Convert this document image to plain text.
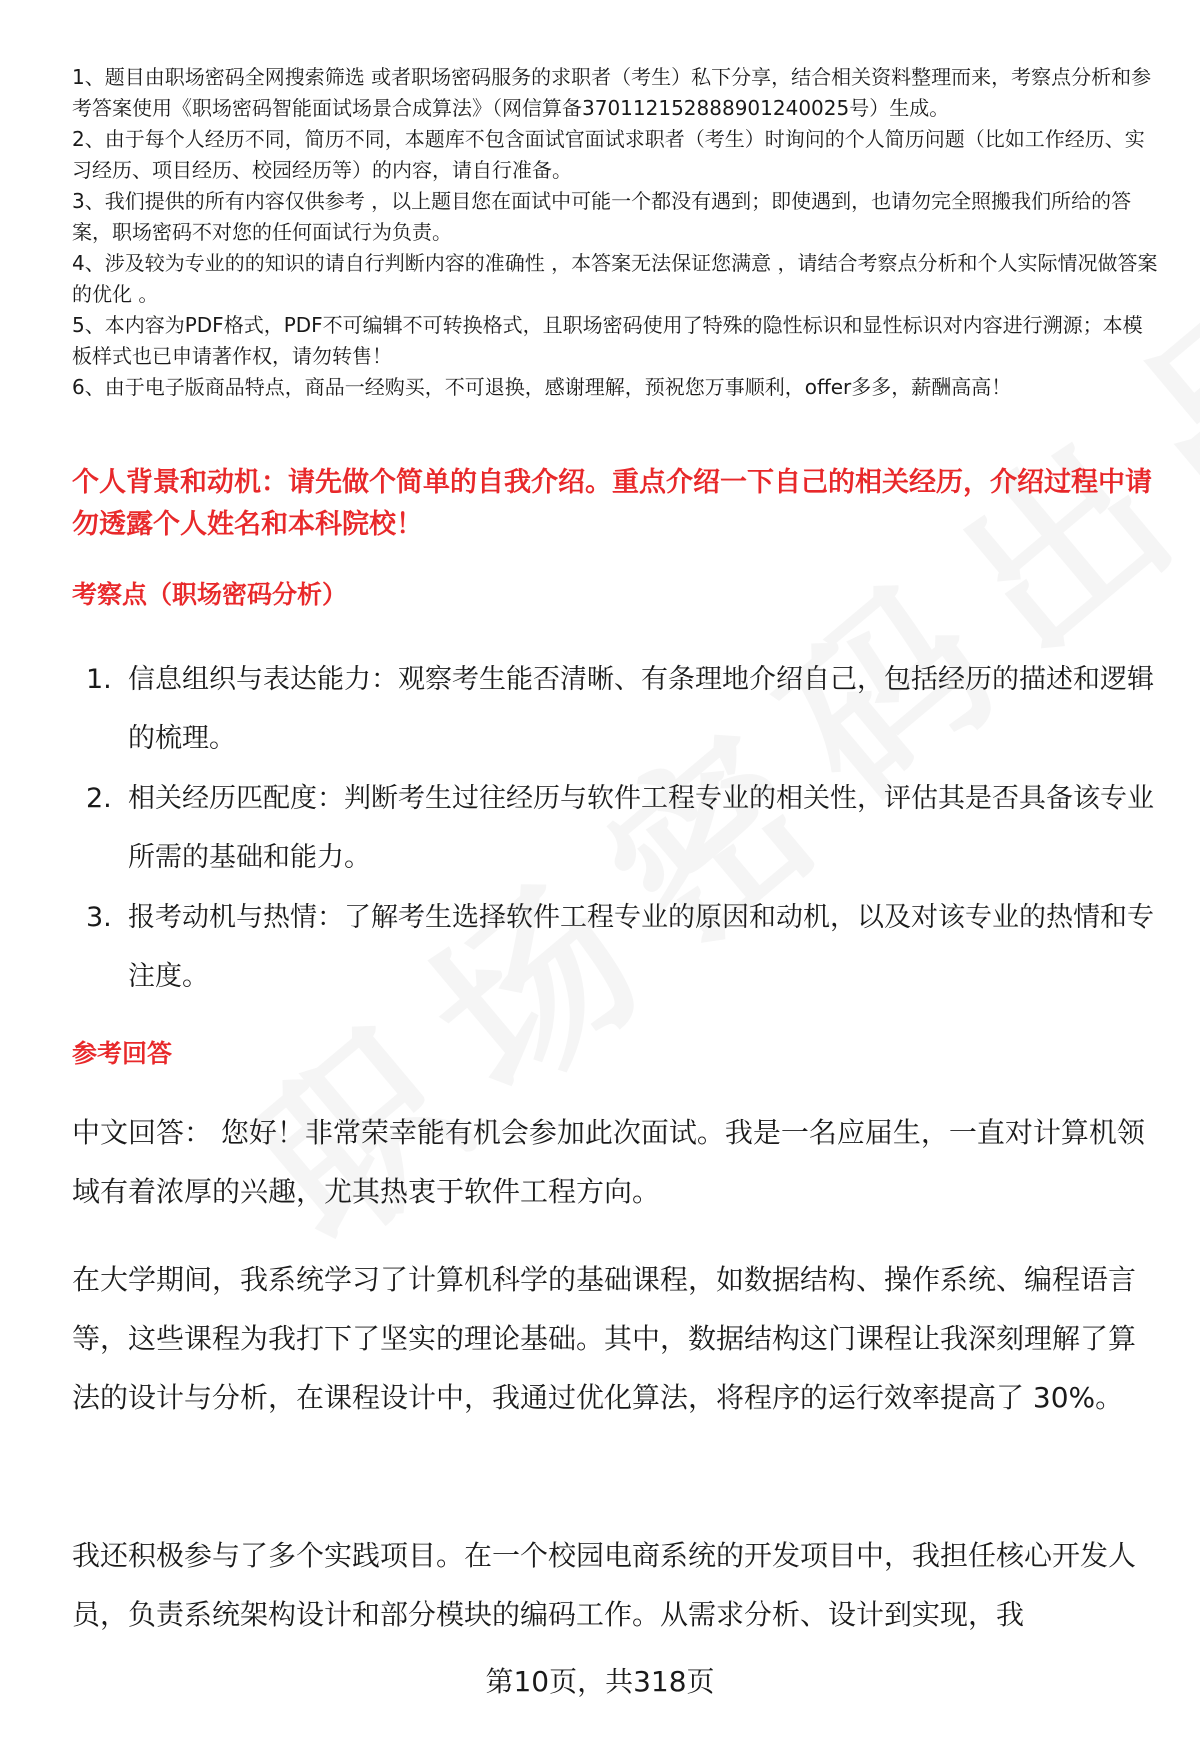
1、题目由职场密码全网搜索筛选 或者职场密码服务的求职者（考生）私下分享，结合相关资料整理而来，考察点分析和参考答案使用《职场密码智能面试场景合成算法》（网信算备370112152888901240025号）生成。

2、由于每个人经历不同，简历不同，本题库不包含面试官面试求职者（考生）时询问的个人简历问题（比如工作经历、实习经历、项目经历、校园经历等）的内容，请自行准备。

3、我们提供的所有内容仅供参考 ，以上题目您在面试中可能一个都没有遇到；即使遇到，也请勿完全照搬我们所给的答案，职场密码不对您的任何面试行为负责。

4、涉及较为专业的的知识的请自行判断内容的准确性 ，本答案无法保证您满意 ，请结合考察点分析和个人实际情况做答案的优化 。

5、本内容为PDF格式，PDF不可编辑不可转换格式，且职场密码使用了特殊的隐性标识和显性标识对内容进行溯源；本模板样式也已申请著作权，请勿转售！

6、由于电子版商品特点，商品一经购买，不可退换，感谢理解，预祝您万事顺利，offer多多，薪酬高高！

个人背景和动机：请先做个简单的自我介绍。重点介绍一下自己的相关经历，介绍过程中请勿透露个人姓名和本科院校！
考察点（职场密码分析）
1. 信息组织与表达能力：观察考生能否清晰、有条理地介绍自己，包括经历的描述和逻辑的梳理。
2. 相关经历匹配度：判断考生过往经历与软件工程专业的相关性，评估其是否具备该专业所需的基础和能力。
3. 报考动机与热情：了解考生选择软件工程专业的原因和动机，以及对该专业的热情和专注度。
参考回答

中文回答： 您好！非常荣幸能有机会参加此次面试。我是一名应届生，一直对计算机领域有着浓厚的兴趣，尤其热衷于软件工程方向。

在大学期间，我系统学习了计算机科学的基础课程，如数据结构、操作系统、编程语言等，这些课程为我打下了坚实的理论基础。其中，数据结构这门课程让我深刻理解了算法的设计与分析，在课程设计中，我通过优化算法，将程序的运行效率提高了 30%。

我还积极参与了多个实践项目。在一个校园电商系统的开发项目中，我担任核心开发人员，负责系统架构设计和部分模块的编码工作。从需求分析、设计到实现，我

第10页，共318页
